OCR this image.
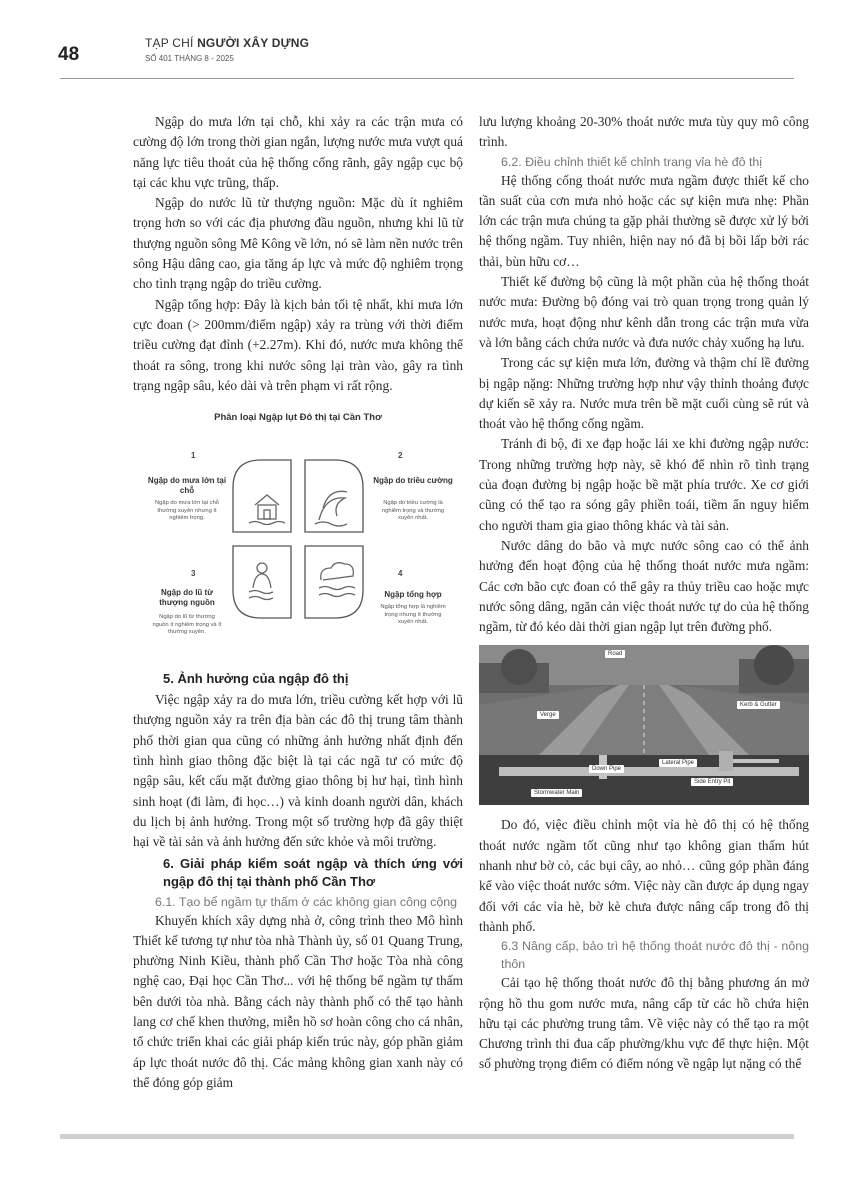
48
TẠP CHÍ NGƯỜI XÂY DỰNG
SỐ 401 THÁNG 8 - 2025

Ngập do mưa lớn tại chỗ, khi xảy ra các trận mưa có cường độ lớn trong thời gian ngắn, lượng nước mưa vượt quá năng lực tiêu thoát của hệ thống cống rãnh, gây ngập cục bộ tại các khu vực trũng, thấp.

Ngập do nước lũ từ thượng nguồn: Mặc dù ít nghiêm trọng hơn so với các địa phương đầu nguồn, nhưng khi lũ từ thượng nguồn sông Mê Kông về lớn, nó sẽ làm nền nước trên sông Hậu dâng cao, gia tăng áp lực và mức độ nghiêm trọng cho tình trạng ngập do triều cường.

Ngập tổng hợp: Đây là kịch bản tối tệ nhất, khi mưa lớn cực đoan (> 200mm/điểm ngập) xảy ra trùng với thời điểm triều cường đạt đỉnh (+2.27m). Khi đó, nước mưa không thể thoát ra sông, trong khi nước sông lại tràn vào, gây ra tình trạng ngập sâu, kéo dài và trên phạm vi rất rộng.

Phân loại Ngập lụt Đô thị tại Cần Thơ
1
Ngập do mưa lớn tại chỗ
Ngập do mưa lớn tại chỗ thường xuyên nhưng ít nghiêm trọng.
2
Ngập do triều cường
Ngập do triều cường là nghiêm trọng và thường xuyên nhất.
3
Ngập do lũ từ thượng nguồn
Ngập do lũ từ thượng nguồn ít nghiêm trọng và ít thường xuyên.
4
Ngập tổng hợp
Ngập tổng hợp là nghiêm trọng nhưng ít thường xuyên nhất.
5. Ảnh hưởng của ngập đô thị

Việc ngập xảy ra do mưa lớn, triều cường kết hợp với lũ thượng nguồn xảy ra trên địa bàn các đô thị trung tâm thành phố thời gian qua cũng có những ảnh hưởng nhất định đến tình hình giao thông đặc biệt là tại các ngã tư có mức độ ngập sâu, kết cấu mặt đường giao thông bị hư hại, tình hình sinh hoạt (đi làm, đi học…) và kinh doanh người dân, khách du lịch bị ảnh hưởng. Trong một số trường hợp đã gây thiệt hại về tài sản và ảnh hưởng đến sức khỏe và môi trường.

6. Giải pháp kiểm soát ngập và thích ứng với ngập đô thị tại thành phố Cần Thơ
6.1. Tạo bể ngầm tự thấm ở các không gian công cộng

Khuyến khích xây dựng nhà ở, công trình theo Mô hình Thiết kế tương tự như tòa nhà Thành ủy, số 01 Quang Trung, phường Ninh Kiều, thành phố Cần Thơ hoặc Tòa nhà công nghệ cao, Đại học Cần Thơ... với hệ thống bể ngầm tự thấm bên dưới tòa nhà. Bằng cách này thành phố có thể tạo hành lang cơ chế khen thưởng, miễn hồ sơ hoàn công cho cá nhân, tổ chức triển khai các giải pháp kiến trúc này, góp phần giảm áp lực thoát nước đô thị. Các mảng không gian xanh này có thể đóng góp giảm

lưu lượng khoảng 20-30% thoát nước mưa tùy quy mô công trình.

6.2. Điều chỉnh thiết kế chỉnh trang vỉa hè đô thị

Hệ thống cống thoát nước mưa ngầm được thiết kế cho tần suất của cơn mưa nhỏ hoặc các sự kiện mưa nhẹ: Phần lớn các trận mưa chúng ta gặp phải thường sẽ được xử lý bởi hệ thống ngầm. Tuy nhiên, hiện nay nó đã bị bồi lấp bởi rác thải, bùn hữu cơ…

Thiết kế đường bộ cũng là một phần của hệ thống thoát nước mưa: Đường bộ đóng vai trò quan trọng trong quản lý nước mưa, hoạt động như kênh dẫn trong các trận mưa vừa và lớn bằng cách chứa nước và đưa nước chảy xuống hạ lưu.

Trong các sự kiện mưa lớn, đường và thậm chí lề đường bị ngập nặng: Những trường hợp như vậy thỉnh thoảng được dự kiến sẽ xảy ra. Nước mưa trên bề mặt cuối cùng sẽ rút và thoát vào hệ thống cống ngầm.

Tránh đi bộ, đi xe đạp hoặc lái xe khi đường ngập nước: Trong những trường hợp này, sẽ khó để nhìn rõ tình trạng của đoạn đường bị ngập hoặc bề mặt phía trước. Xe cơ giới cũng có thể tạo ra sóng gây phiền toái, tiềm ẩn nguy hiểm cho người tham gia giao thông khác và tài sản.

Nước dâng do bão và mực nước sông cao có thể ảnh hưởng đến hoạt động của hệ thống thoát nước mưa ngầm: Các cơn bão cực đoan có thể gây ra thủy triều cao hoặc mực nước sông dâng, ngăn cản việc thoát nước tự do của hệ thống ngầm, từ đó kéo dài thời gian ngập lụt trên đường phố.

Road
Verge
Kerb & Gutter
Down Pipe
Lateral Pipe
Side Entry Pit
Stormwater Main

Do đó, việc điều chỉnh một vỉa hè đô thị có hệ thống thoát nước ngầm tốt cũng như tạo không gian thấm hút nhanh như bờ cỏ, các bụi cây, ao nhỏ… cũng góp phần đáng kể vào việc thoát nước sớm. Việc này cần được áp dụng ngay đối với các vỉa hè, bờ kè chưa được nâng cấp trong đô thị thành phố.

6.3 Nâng cấp, bảo trì hệ thống thoát nước đô thị - nông thôn

Cải tạo hệ thống thoát nước đô thị bằng phương án mở rộng hồ thu gom nước mưa, nâng cấp từ các hồ chứa hiện hữu tại các phường trung tâm. Về việc này có thể tạo ra một Chương trình thi đua cấp phường/khu vực để thực hiện. Một số phường trọng điểm có điểm nóng về ngập lụt nặng có thể
